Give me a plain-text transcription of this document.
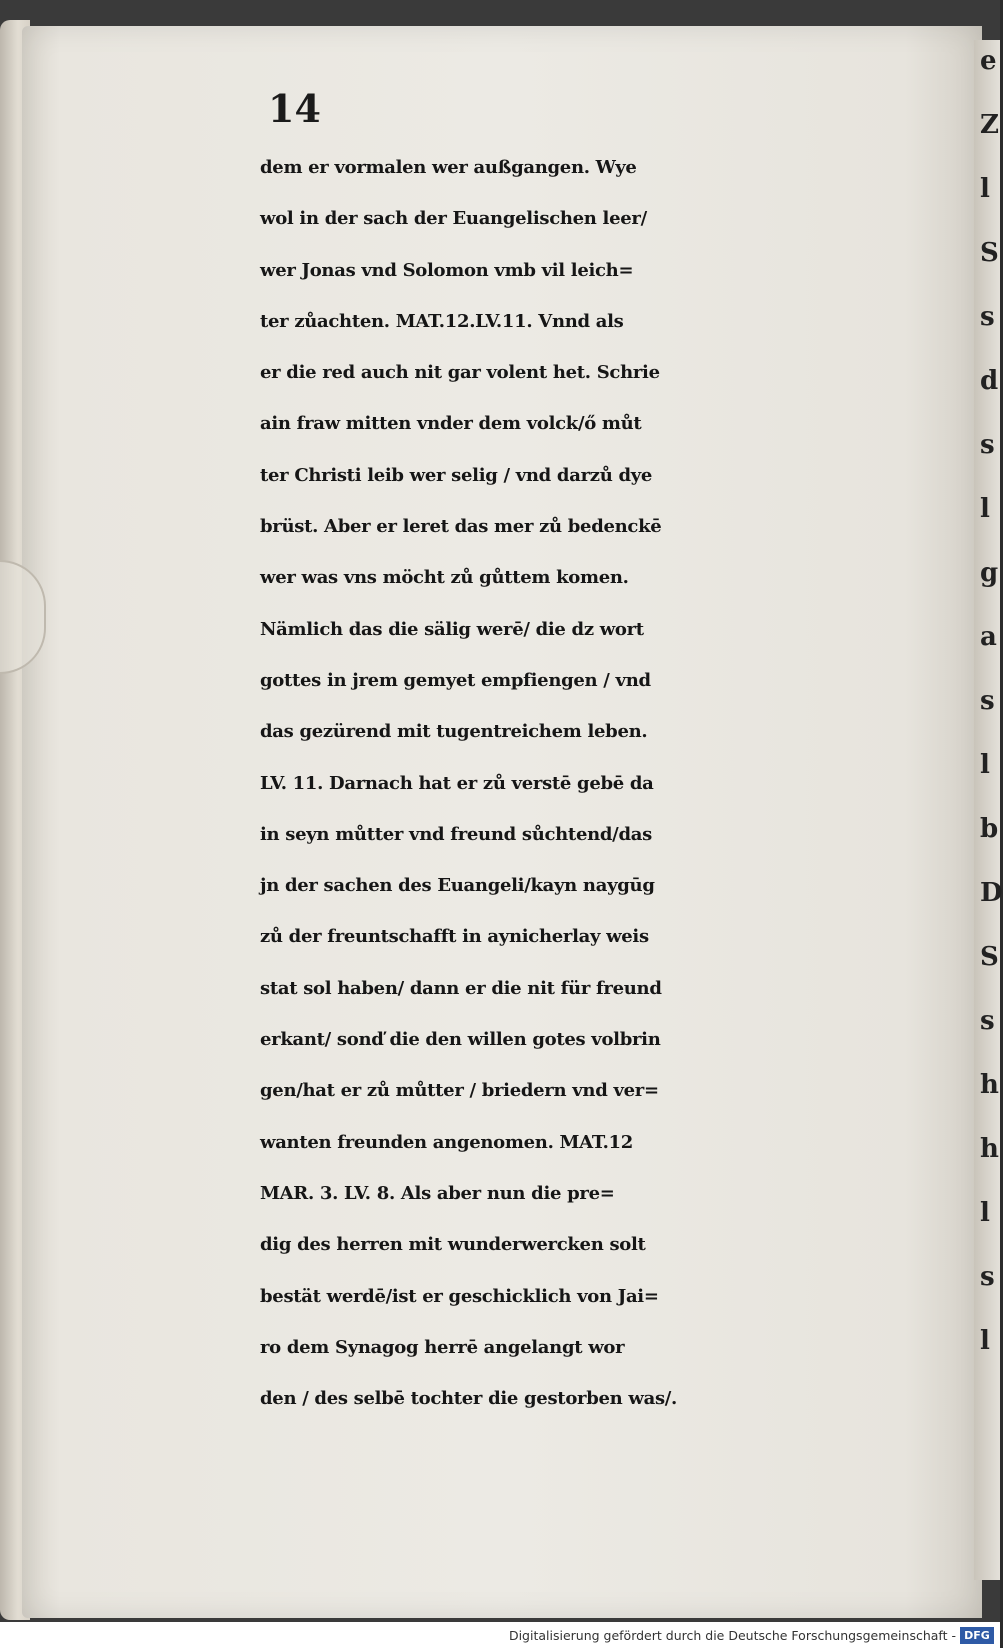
e
Z
l
S
s
d
s
l
g
a
s
l
b
D
S
s
h
h
l
s
l
14
dem er vormalen wer außgangen. Wye
wol in der sach der Euangelischen leer/
wer Jonas vnd Solomon vmb vil leich=
ter zůachten. MAT.12.LV.11. Vnnd als
er die red auch nit gar volent het. Schrie
ain fraw mitten vnder dem volck/ő můt
ter Christi leib wer selig / vnd darzů dye
brüst. Aber er leret das mer zů bedenckē
wer was vns möcht zů gůttem komen.
Nämlich das die sälig werē/ die dz wort
gottes in jrem gemyet empfiengen / vnd
das gezürend mit tugentreichem leben.
LV. 11. Darnach hat er zů verstē gebē da
in seyn můtter vnd freund sůchtend/das
jn der sachen des Euangeli/kayn naygūg
zů der freuntschafft in aynicherlay weis
stat sol haben/ dann er die nit für freund
erkant/ sonď die den willen gotes volbrin
gen/hat er zů můtter / briedern vnd ver=
wanten freunden angenomen. MAT.12
MAR. 3. LV. 8. Als aber nun die pre=
dig des herren mit wunderwercken solt
bestät werdē/ist er geschicklich von Jai=
ro dem Synagog herrē angelangt wor
den / des selbē tochter die gestorben was/.
Digitalisierung gefördert durch die Deutsche Forschungsgemeinschaft - DFG
